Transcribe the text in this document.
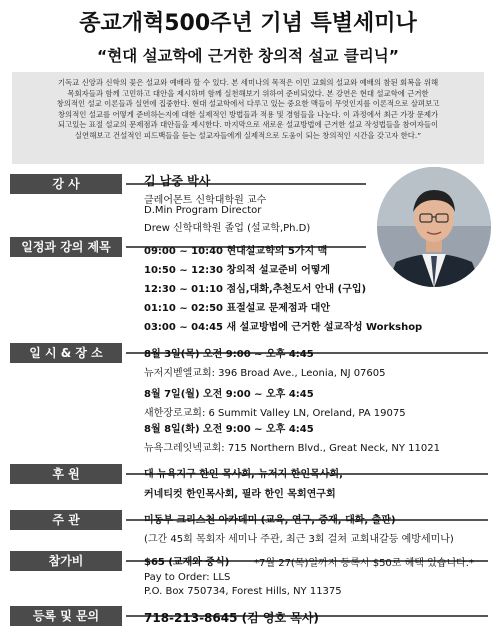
종교개혁500주년 기념 특별세미나
“현대 설교학에 근거한 창의적 설교 클리닉”
기독교 신앙과 신학의 꽃은 설교와 예배라 할 수 있다. 본 세미나의 목적은 이민 교회의 설교와 예배의 참된 회복을 위해
목회자들과 함께 고민하고 대안을 제시하며 함께 실천해보기 위하여 준비되었다. 본 강연은 현대 설교학에 근거한
창의적인 설교 이론들과 실연에 집중한다. 현대 설교학에서 다루고 있는 중요한 맥들이 무엇인지를 이론적으로 살펴보고
창의적인 설교를 어떻게 준비하는지에 대한 실제적인 방법들과 적용 및 경험들을 나눈다. 이 과정에서 최근 가장 문제가
되고있는 표절 설교의 문제점과 대안들을 제시한다. 마지막으로 새로운 설교방법에 근거한 설교 작성법들을 참여자들이
실연해보고 건설적인 피드백들을 듣는 설교자들에게 실제적으로 도움이 되는 창의적인 시간을 갖고자 한다.”
강 사	김 남중 박사
클레어몬트 신학대학원 교수
D.Min Program Director
Drew 신학대학원 졸업 (설교학,Ph.D)
일정과 강의 제목	09:00 ~ 10:40 현대설교학의 5가지 맥
10:50 ~ 12:30 창의적 설교준비 어떻게
12:30 ~ 01:10 점심,대화,추천도서 안내 (구입)
01:10 ~ 02:50 표절설교 문제점과 대안
03:00 ~ 04:45 새 설교방법에 근거한 설교작성 Workshop
일 시 & 장 소	8월 3일(목) 오전 9:00 ~ 오후 4:45
뉴저지벧엘교회: 396 Broad Ave., Leonia, NJ 07605
8월 7일(월) 오전 9:00 ~ 오후 4:45
새한장로교회: 6 Summit Valley LN, Oreland, PA 19075
8월 8일(화) 오전 9:00 ~ 오후 4:45
뉴욕그레잇넥교회: 715 Northern Blvd., Great Neck, NY 11021
후 원	대 뉴욕지구 한인 목사회, 뉴저지 한인목사회,
커네티컷 한인목사회, 필라 한인 목회연구회
주 관	미동부 크리스천 아카데미 (교육, 연구, 중재, 대화, 출판)
(그간 45회 목회자 세미나 주관, 최근 3회 걸쳐 교회내갈등 예방세미나)
참가비	$65 (교재와 중식) *7월 27(목)일까지 등록시 $50로 혜택 있습니다.*
Pay to Order: LLS
P.O. Box 750734, Forest Hills, NY 11375
등록 및 문의	718-213-8645 (김 영호 목사)
